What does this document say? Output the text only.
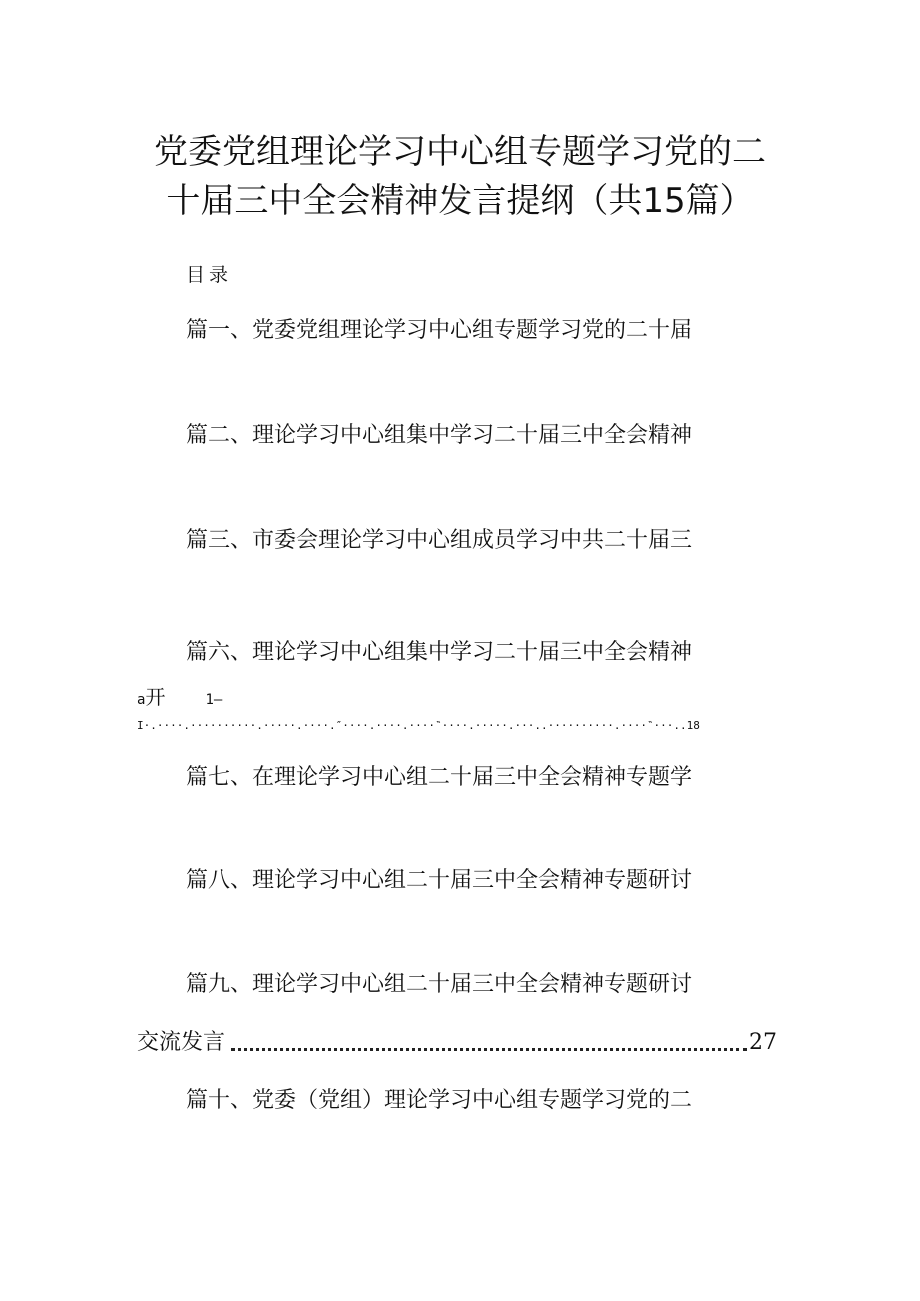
党委党组理论学习中心组专题学习党的二
十届三中全会精神发言提纲（共15篇）
目录
篇一、党委党组理论学习中心组专题学习党的二十届
篇二、理论学习中心组集中学习二十届三中全会精神
篇三、市委会理论学习中心组成员学习中共二十届三
篇六、理论学习中心组集中学习二十届三中全会精神
a开	1—
I·.····.··········.·····.····.″····.····.····‶····.·····.···..··········.····‶···..18
篇七、在理论学习中心组二十届三中全会精神专题学
篇八、理论学习中心组二十届三中全会精神专题研讨
篇九、理论学习中心组二十届三中全会精神专题研讨
交流发言	27
篇十、党委（党组）理论学习中心组专题学习党的二
